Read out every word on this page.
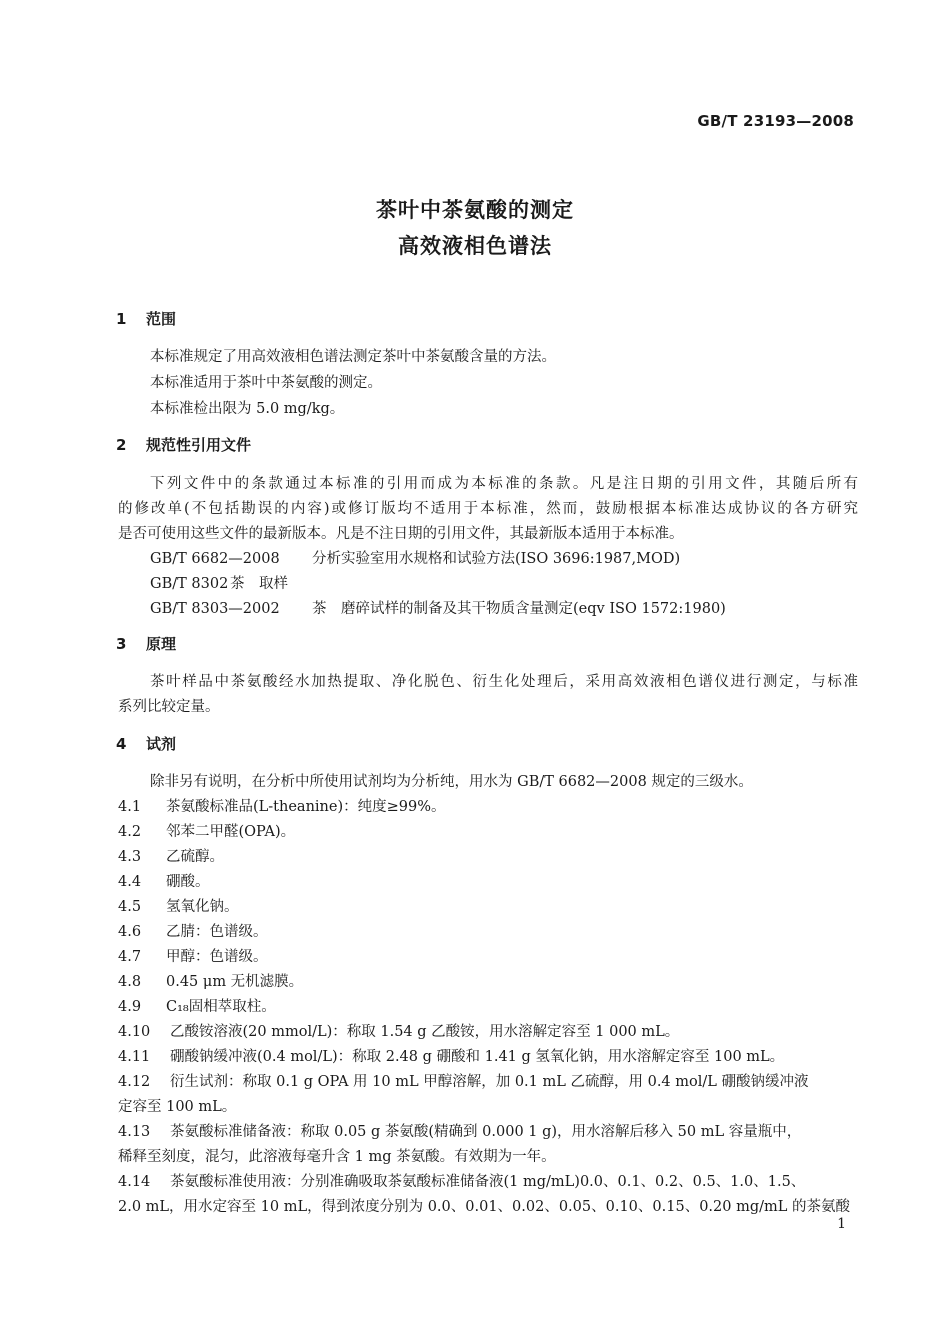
GB/T 23193—2008
茶叶中茶氨酸的测定
高效液相色谱法
1 范围
本标准规定了用高效液相色谱法测定茶叶中茶氨酸含量的方法。
本标准适用于茶叶中茶氨酸的测定。
本标准检出限为 5.0 mg/kg。
2 规范性引用文件
下列文件中的条款通过本标准的引用而成为本标准的条款。凡是注日期的引用文件，其随后所有
的修改单(不包括勘误的内容)或修订版均不适用于本标准，然而，鼓励根据本标准达成协议的各方研究
是否可使用这些文件的最新版本。凡是不注日期的引用文件，其最新版本适用于本标准。
GB/T 6682—2008 分析实验室用水规格和试验方法(ISO 3696:1987,MOD)
GB/T 8302 茶　取样
GB/T 8303—2002 茶　磨碎试样的制备及其干物质含量测定(eqv ISO 1572:1980)
3 原理
茶叶样品中茶氨酸经水加热提取、净化脱色、衍生化处理后，采用高效液相色谱仪进行测定，与标准
系列比较定量。
4 试剂
除非另有说明，在分析中所使用试剂均为分析纯，用水为 GB/T 6682—2008 规定的三级水。
4.1 茶氨酸标准品(L-theanine)：纯度≥99%。
4.2 邻苯二甲醛(OPA)。
4.3 乙硫醇。
4.4 硼酸。
4.5 氢氧化钠。
4.6 乙腈：色谱级。
4.7 甲醇：色谱级。
4.8 0.45 μm 无机滤膜。
4.9 C₁₈固相萃取柱。
4.10 乙酸铵溶液(20 mmol/L)：称取 1.54 g 乙酸铵，用水溶解定容至 1 000 mL。
4.11 硼酸钠缓冲液(0.4 mol/L)：称取 2.48 g 硼酸和 1.41 g 氢氧化钠，用水溶解定容至 100 mL。
4.12 衍生试剂：称取 0.1 g OPA 用 10 mL 甲醇溶解，加 0.1 mL 乙硫醇，用 0.4 mol/L 硼酸钠缓冲液
定容至 100 mL。
4.13 茶氨酸标准储备液：称取 0.05 g 茶氨酸(精确到 0.000 1 g)，用水溶解后移入 50 mL 容量瓶中，
稀释至刻度，混匀，此溶液每毫升含 1 mg 茶氨酸。有效期为一年。
4.14 茶氨酸标准使用液：分别准确吸取茶氨酸标准储备液(1 mg/mL)0.0、0.1、0.2、0.5、1.0、1.5、
2.0 mL，用水定容至 10 mL，得到浓度分别为 0.0、0.01、0.02、0.05、0.10、0.15、0.20 mg/mL 的茶氨酸
1
